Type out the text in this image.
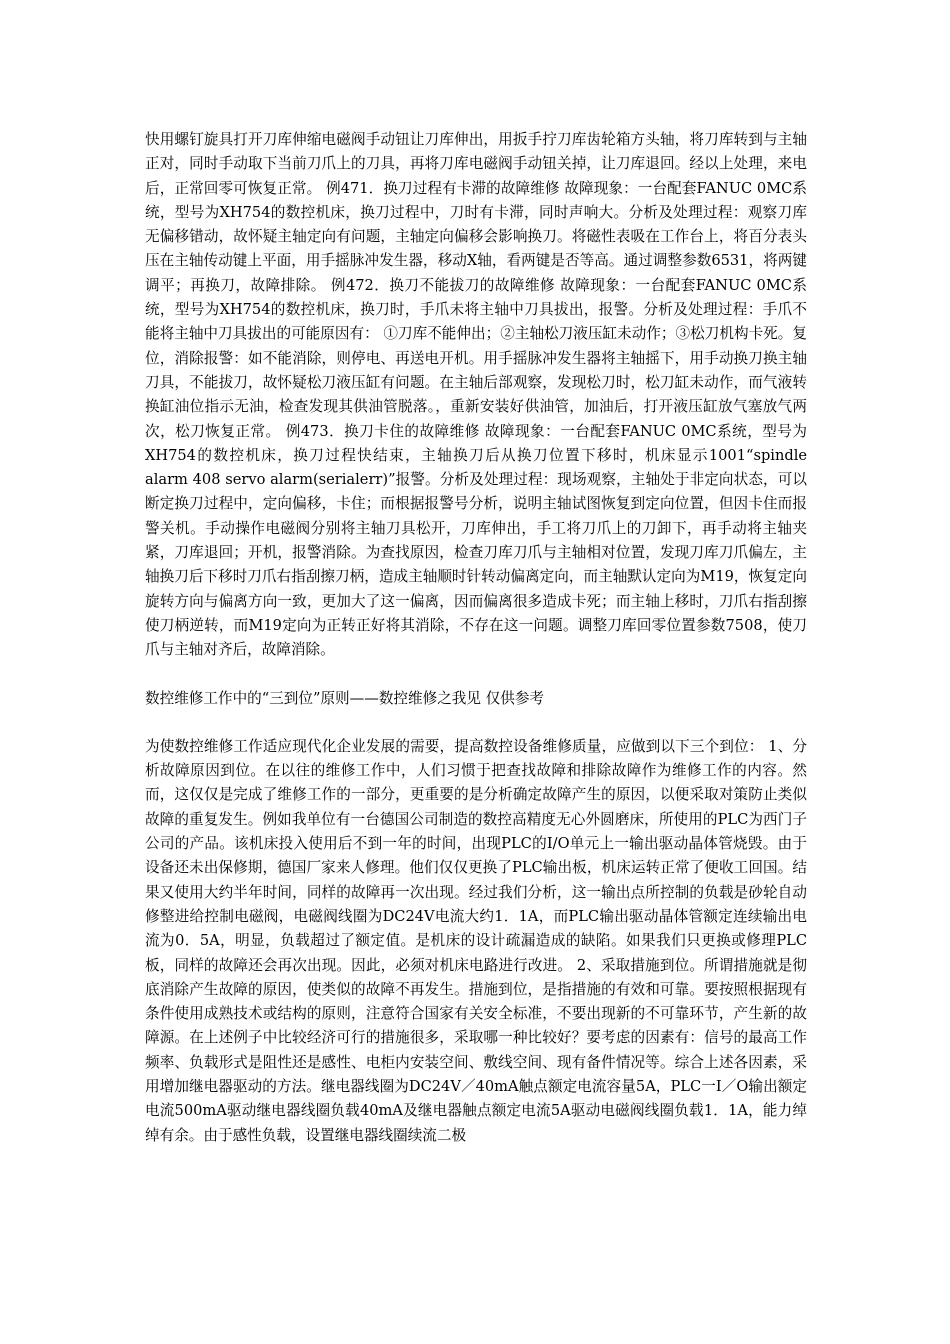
快用螺钉旋具打开刀库伸缩电磁阀手动钮让刀库伸出，用扳手拧刀库齿轮箱方头轴，将刀库转到与主轴正对，同时手动取下当前刀爪上的刀具，再将刀库电磁阀手动钮关掉，让刀库退回。经以上处理，来电后，正常回零可恢复正常。 例471．换刀过程有卡滞的故障维修 故障现象：一台配套FANUC 0MC系统，型号为XH754的数控机床，换刀过程中，刀时有卡滞，同时声响大。分析及处理过程：观察刀库无偏移错动，故怀疑主轴定向有问题，主轴定向偏移会影响换刀。将磁性表吸在工作台上，将百分表头压在主轴传动键上平面，用手摇脉冲发生器，移动X轴，看两键是否等高。通过调整参数6531，将两键调平；再换刀，故障排除。 例472．换刀不能拔刀的故障维修 故障现象：一台配套FANUC 0MC系统，型号为XH754的数控机床，换刀时，手爪未将主轴中刀具拔出，报警。分析及处理过程：手爪不能将主轴中刀具拔出的可能原因有： ①刀库不能伸出；②主轴松刀液压缸未动作；③松刀机构卡死。复位，消除报警：如不能消除，则停电、再送电开机。用手摇脉冲发生器将主轴摇下，用手动换刀换主轴刀具，不能拔刀，故怀疑松刀液压缸有问题。在主轴后部观察，发现松刀时，松刀缸未动作，而气液转换缸油位指示无油，检查发现其供油管脱落。，重新安装好供油管，加油后，打开液压缸放气塞放气两次，松刀恢复正常。 例473．换刀卡住的故障维修 故障现象：一台配套FANUC 0MC系统，型号为XH754的数控机床，换刀过程快结束，主轴换刀后从换刀位置下移时，机床显示1001“spindle alarm 408 servo alarm(serialerr)”报警。分析及处理过程：现场观察，主轴处于非定向状态，可以断定换刀过程中，定向偏移，卡住；而根据报警号分析，说明主轴试图恢复到定向位置，但因卡住而报警关机。手动操作电磁阀分别将主轴刀具松开，刀库伸出，手工将刀爪上的刀卸下，再手动将主轴夹紧，刀库退回；开机，报警消除。为查找原因，检查刀库刀爪与主轴相对位置，发现刀库刀爪偏左，主轴换刀后下移时刀爪右指刮擦刀柄，造成主轴顺时针转动偏离定向，而主轴默认定向为M19，恢复定向旋转方向与偏离方向一致，更加大了这一偏离，因而偏离很多造成卡死；而主轴上移时，刀爪右指刮擦使刀柄逆转，而M19定向为正转正好将其消除，不存在这一问题。调整刀库回零位置参数7508，使刀爪与主轴对齐后，故障消除。

数控维修工作中的“三到位”原则——数控维修之我见 仅供参考

为使数控维修工作适应现代化企业发展的需要，提高数控设备维修质量，应做到以下三个到位： 1、分析故障原因到位。在以往的维修工作中，人们习惯于把查找故障和排除故障作为维修工作的内容。然而，这仅仅是完成了维修工作的一部分，更重要的是分析确定故障产生的原因，以便采取对策防止类似故障的重复发生。例如我单位有一台德国公司制造的数控高精度无心外圆磨床，所使用的PLC为西门子公司的产品。该机床投入使用后不到一年的时间，出现PLC的I/O单元上一输出驱动晶体管烧毁。由于设备还未出保修期，德国厂家来人修理。他们仅仅更换了PLC输出板，机床运转正常了便收工回国。结果又使用大约半年时间，同样的故障再一次出现。经过我们分析，这一输出点所控制的负载是砂轮自动修整进给控制电磁阀，电磁阀线圈为DC24V电流大约1．1A，而PLC输出驱动晶体管额定连续输出电流为0．5A，明显，负载超过了额定值。是机床的设计疏漏造成的缺陷。如果我们只更换或修理PLC板，同样的故障还会再次出现。因此，必须对机床电路进行改进。 2、采取措施到位。所谓措施就是彻底消除产生故障的原因，使类似的故障不再发生。措施到位，是指措施的有效和可靠。要按照根据现有条件使用成熟技术或结构的原则，注意符合国家有关安全标准，不要出现新的不可靠环节，产生新的故障源。在上述例子中比较经济可行的措施很多，采取哪一种比较好？要考虑的因素有：信号的最高工作频率、负载形式是阻性还是感性、电柜内安装空间、敷线空间、现有备件情况等。综合上述各因素，采用增加继电器驱动的方法。继电器线圈为DC24V／40mA触点额定电流容量5A，PLC一I／O输出额定电流500mA驱动继电器线圈负载40mA及继电器触点额定电流5A驱动电磁阀线圈负载1．1A，能力绰绰有余。由于感性负载，设置继电器线圈续流二极
